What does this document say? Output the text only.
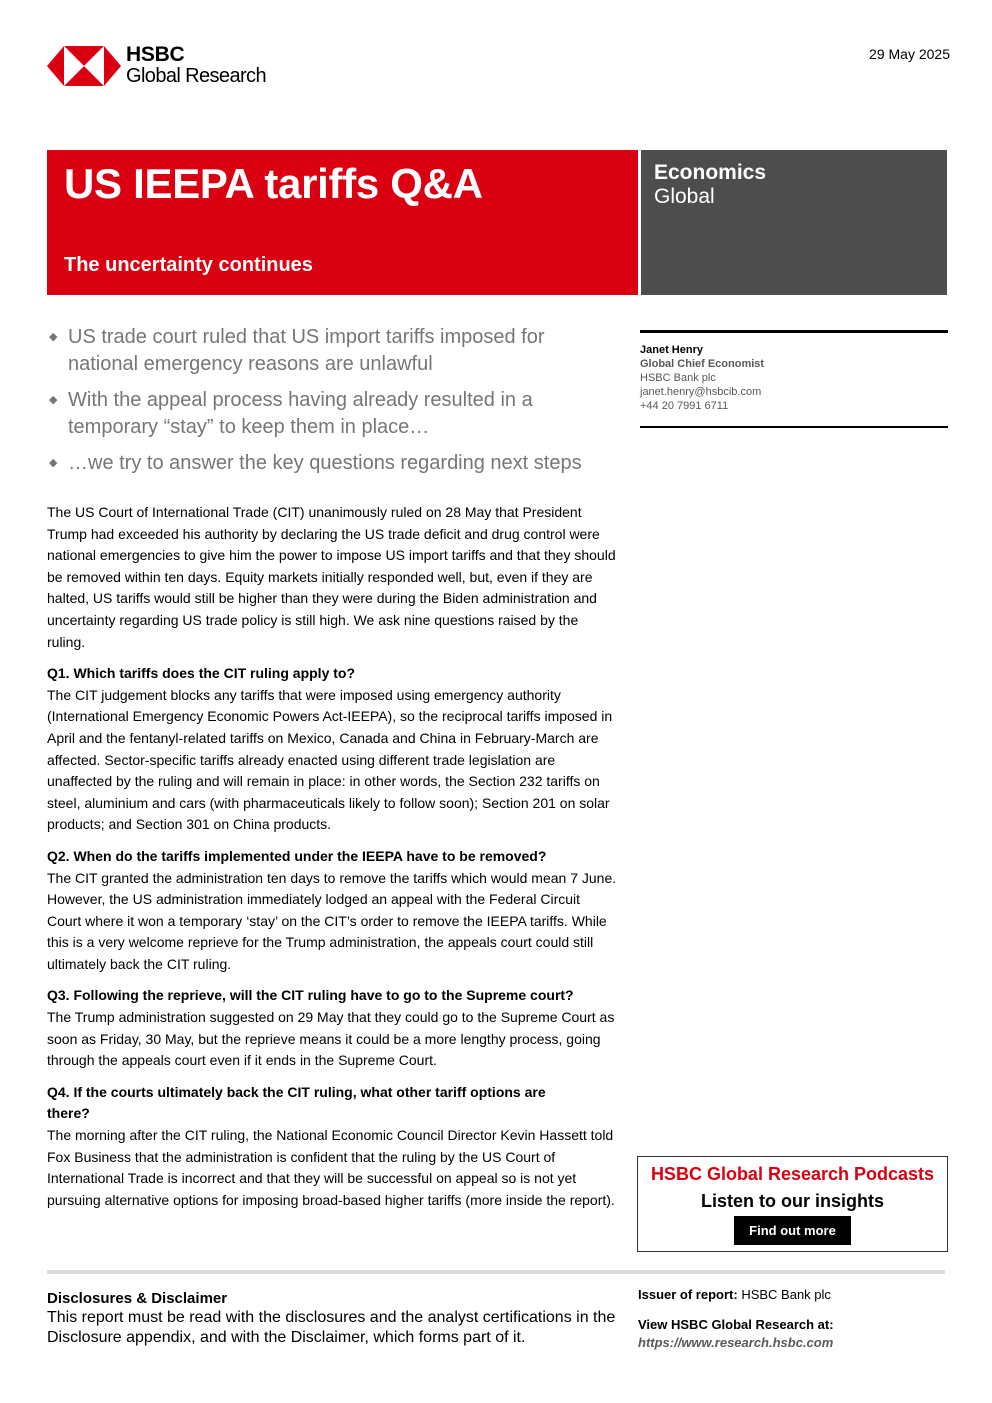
HSBC
Global Research
29 May 2025
US IEEPA tariffs Q&A
The uncertainty continues
Economics
Global
◆ US trade court ruled that US import tariffs imposed for national emergency reasons are unlawful
◆ With the appeal process having already resulted in a temporary “stay” to keep them in place…
◆ …we try to answer the key questions regarding next steps
Janet Henry
Global Chief Economist
HSBC Bank plc
janet.henry@hsbcib.com
+44 20 7991 6711

The US Court of International Trade (CIT) unanimously ruled on 28 May that President Trump had exceeded his authority by declaring the US trade deficit and drug control were national emergencies to give him the power to impose US import tariffs and that they should be removed within ten days. Equity markets initially responded well, but, even if they are halted, US tariffs would still be higher than they were during the Biden administration and uncertainty regarding US trade policy is still high. We ask nine questions raised by the ruling.

Q1. Which tariffs does the CIT ruling apply to?
The CIT judgement blocks any tariffs that were imposed using emergency authority (International Emergency Economic Powers Act-IEEPA), so the reciprocal tariffs imposed in April and the fentanyl-related tariffs on Mexico, Canada and China in February-March are affected. Sector-specific tariffs already enacted using different trade legislation are unaffected by the ruling and will remain in place: in other words, the Section 232 tariffs on steel, aluminium and cars (with pharmaceuticals likely to follow soon); Section 201 on solar products; and Section 301 on China products.
Q2. When do the tariffs implemented under the IEEPA have to be removed?
The CIT granted the administration ten days to remove the tariffs which would mean 7 June. However, the US administration immediately lodged an appeal with the Federal Circuit Court where it won a temporary ‘stay’ on the CIT’s order to remove the IEEPA tariffs. While this is a very welcome reprieve for the Trump administration, the appeals court could still ultimately back the CIT ruling.
Q3. Following the reprieve, will the CIT ruling have to go to the Supreme court?
The Trump administration suggested on 29 May that they could go to the Supreme Court as soon as Friday, 30 May, but the reprieve means it could be a more lengthy process, going through the appeals court even if it ends in the Supreme Court.
Q4. If the courts ultimately back the CIT ruling, what other tariff options are there?
The morning after the CIT ruling, the National Economic Council Director Kevin Hassett told Fox Business that the administration is confident that the ruling by the US Court of International Trade is incorrect and that they will be successful on appeal so is not yet pursuing alternative options for imposing broad-based higher tariffs (more inside the report).
HSBC Global Research Podcasts
Listen to our insights
Find out more
Disclosures & Disclaimer
This report must be read with the disclosures and the analyst certifications in the Disclosure appendix, and with the Disclaimer, which forms part of it.
Issuer of report: HSBC Bank plc
View HSBC Global Research at:
https://www.research.hsbc.com
